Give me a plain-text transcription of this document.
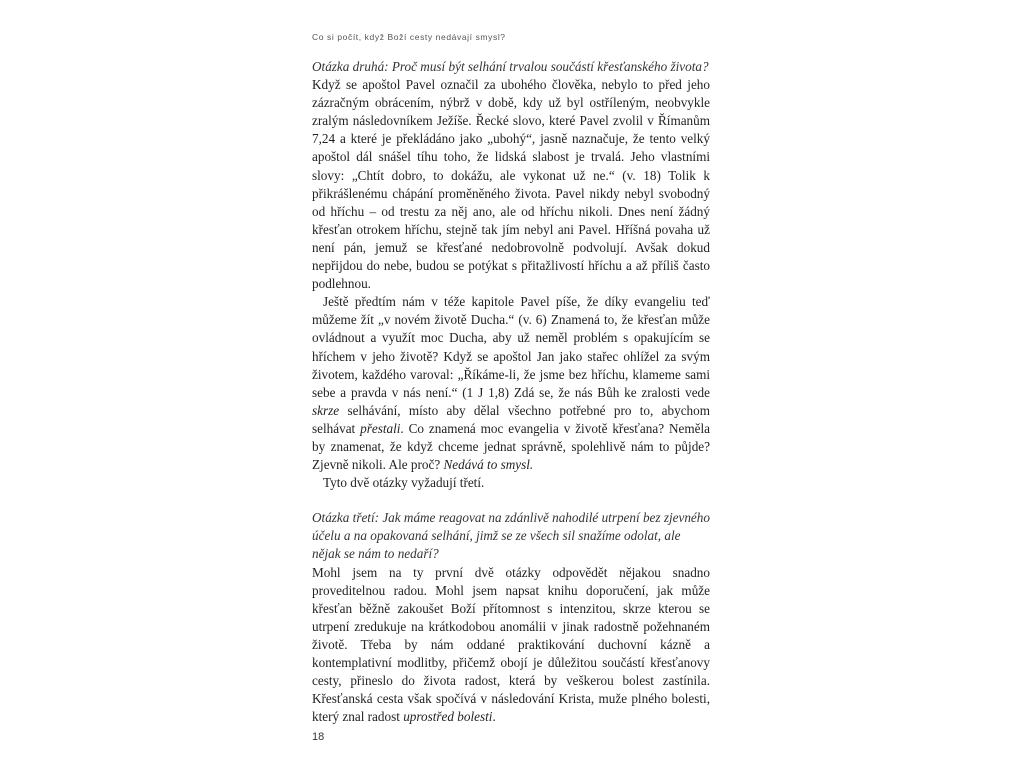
Co si počít, když Boží cesty nedávají smysl?

Otázka druhá: Proč musí být selhání trvalou součástí křesťanského života?

Když se apoštol Pavel označil za ubohého člověka, nebylo to před jeho zázračným obrácením, nýbrž v době, kdy už byl ostříleným, neobvykle zralým následovníkem Ježíše. Řecké slovo, které Pavel zvolil v Římanům 7,24 a které je překládáno jako „ubohý“, jasně naznačuje, že tento velký apoštol dál snášel tíhu toho, že lidská slabost je trvalá. Jeho vlastními slovy: „Chtít dobro, to dokážu, ale vykonat už ne.“ (v. 18) Tolik k přikrášlenému chápání proměněného života. Pavel nikdy nebyl svobodný od hříchu – od trestu za něj ano, ale od hříchu nikoli. Dnes není žádný křesťan otrokem hříchu, stejně tak jím nebyl ani Pavel. Hříšná povaha už není pán, jemuž se křesťané nedobrovolně podvolují. Avšak dokud nepřijdou do nebe, budou se potýkat s přitažlivostí hříchu a až příliš často podlehnou.

Ještě předtím nám v téže kapitole Pavel píše, že díky evangeliu teď můžeme žít „v novém životě Ducha.“ (v. 6) Znamená to, že křesťan může ovládnout a využít moc Ducha, aby už neměl problém s opakujícím se hříchem v jeho životě? Když se apoštol Jan jako stařec ohlížel za svým životem, každého varoval: „Říkáme-li, že jsme bez hříchu, klameme sami sebe a pravda v nás není.“ (1 J 1,8) Zdá se, že nás Bůh ke zralosti vede skrze selhávání, místo aby dělal všechno potřebné pro to, abychom selhávat přestali. Co znamená moc evangelia v životě křesťana? Neměla by znamenat, že když chceme jednat správně, spolehlivě nám to půjde? Zjevně nikoli. Ale proč? Nedává to smysl.

Tyto dvě otázky vyžadují třetí.

Otázka třetí: Jak máme reagovat na zdánlivě nahodilé utrpení bez zjevného účelu a na opakovaná selhání, jimž se ze všech sil snažíme odolat, ale nějak se nám to nedaří?

Mohl jsem na ty první dvě otázky odpovědět nějakou snadno proveditelnou radou. Mohl jsem napsat knihu doporučení, jak může křesťan běžně zakoušet Boží přítomnost s intenzitou, skrze kterou se utrpení zredukuje na krátkodobou anomálii v jinak radostně požehnaném životě. Třeba by nám oddané praktikování duchovní kázně a kontemplativní modlitby, přičemž obojí je důležitou součástí křesťanovy cesty, přineslo do života radost, která by veškerou bolest zastínila. Křesťanská cesta však spočívá v následování Krista, muže plného bolesti, který znal radost uprostřed bolesti.

18
